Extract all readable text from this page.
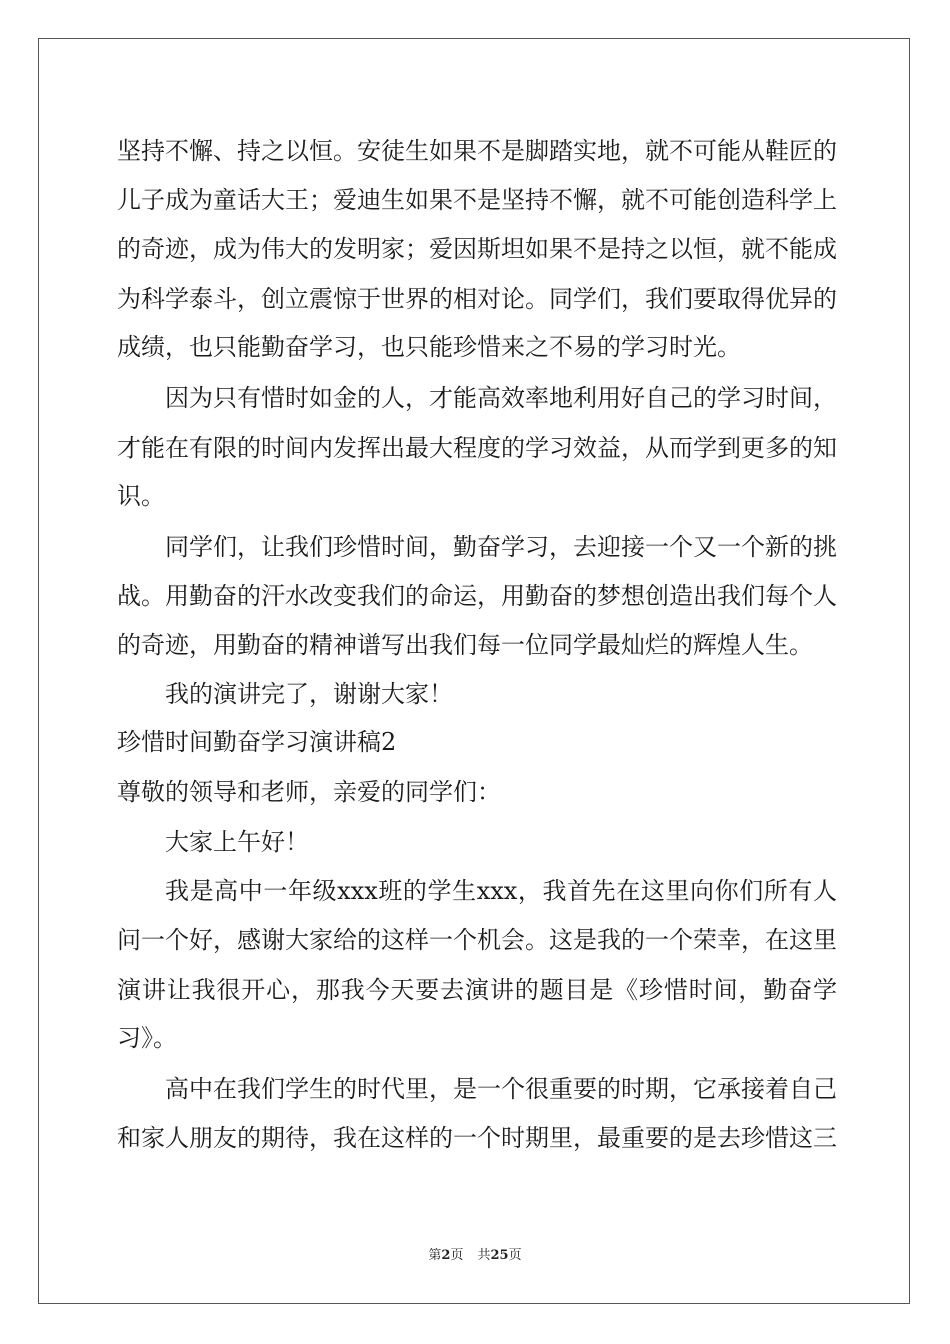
坚持不懈、持之以恒。安徒生如果不是脚踏实地，就不可能从鞋匠的
儿子成为童话大王；爱迪生如果不是坚持不懈，就不可能创造科学上
的奇迹，成为伟大的发明家；爱因斯坦如果不是持之以恒，就不能成
为科学泰斗，创立震惊于世界的相对论。同学们，我们要取得优异的
成绩，也只能勤奋学习，也只能珍惜来之不易的学习时光。
因为只有惜时如金的人，才能高效率地利用好自己的学习时间，
才能在有限的时间内发挥出最大程度的学习效益，从而学到更多的知
识。
同学们，让我们珍惜时间，勤奋学习，去迎接一个又一个新的挑
战。用勤奋的汗水改变我们的命运，用勤奋的梦想创造出我们每个人
的奇迹，用勤奋的精神谱写出我们每一位同学最灿烂的辉煌人生。
我的演讲完了，谢谢大家！
珍惜时间勤奋学习演讲稿2
尊敬的领导和老师，亲爱的同学们：
大家上午好！
我是高中一年级xxx班的学生xxx，我首先在这里向你们所有人
问一个好，感谢大家给的这样一个机会。这是我的一个荣幸，在这里
演讲让我很开心，那我今天要去演讲的题目是《珍惜时间，勤奋学
习》。
高中在我们学生的时代里，是一个很重要的时期，它承接着自己
和家人朋友的期待，我在这样的一个时期里，最重要的是去珍惜这三
第2页 共25页
